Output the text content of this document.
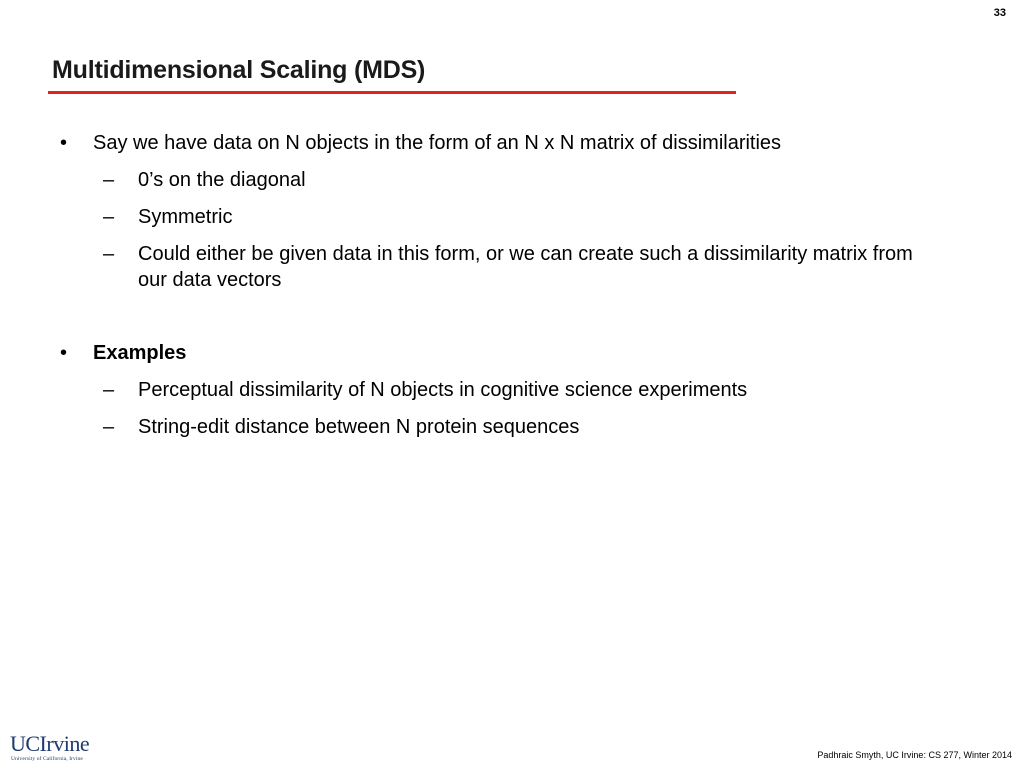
33
Multidimensional Scaling (MDS)
• Say we have data on N objects in the form of an N x N matrix of dissimilarities
– 0’s on the diagonal
– Symmetric
– Could either be given data in this form, or we can create such a dissimilarity matrix from our data vectors
• Examples
– Perceptual dissimilarity of N objects in cognitive science experiments
– String-edit distance between N protein sequences
UCIrvine
University of California, Irvine	Padhraic Smyth, UC Irvine: CS 277, Winter 2014
